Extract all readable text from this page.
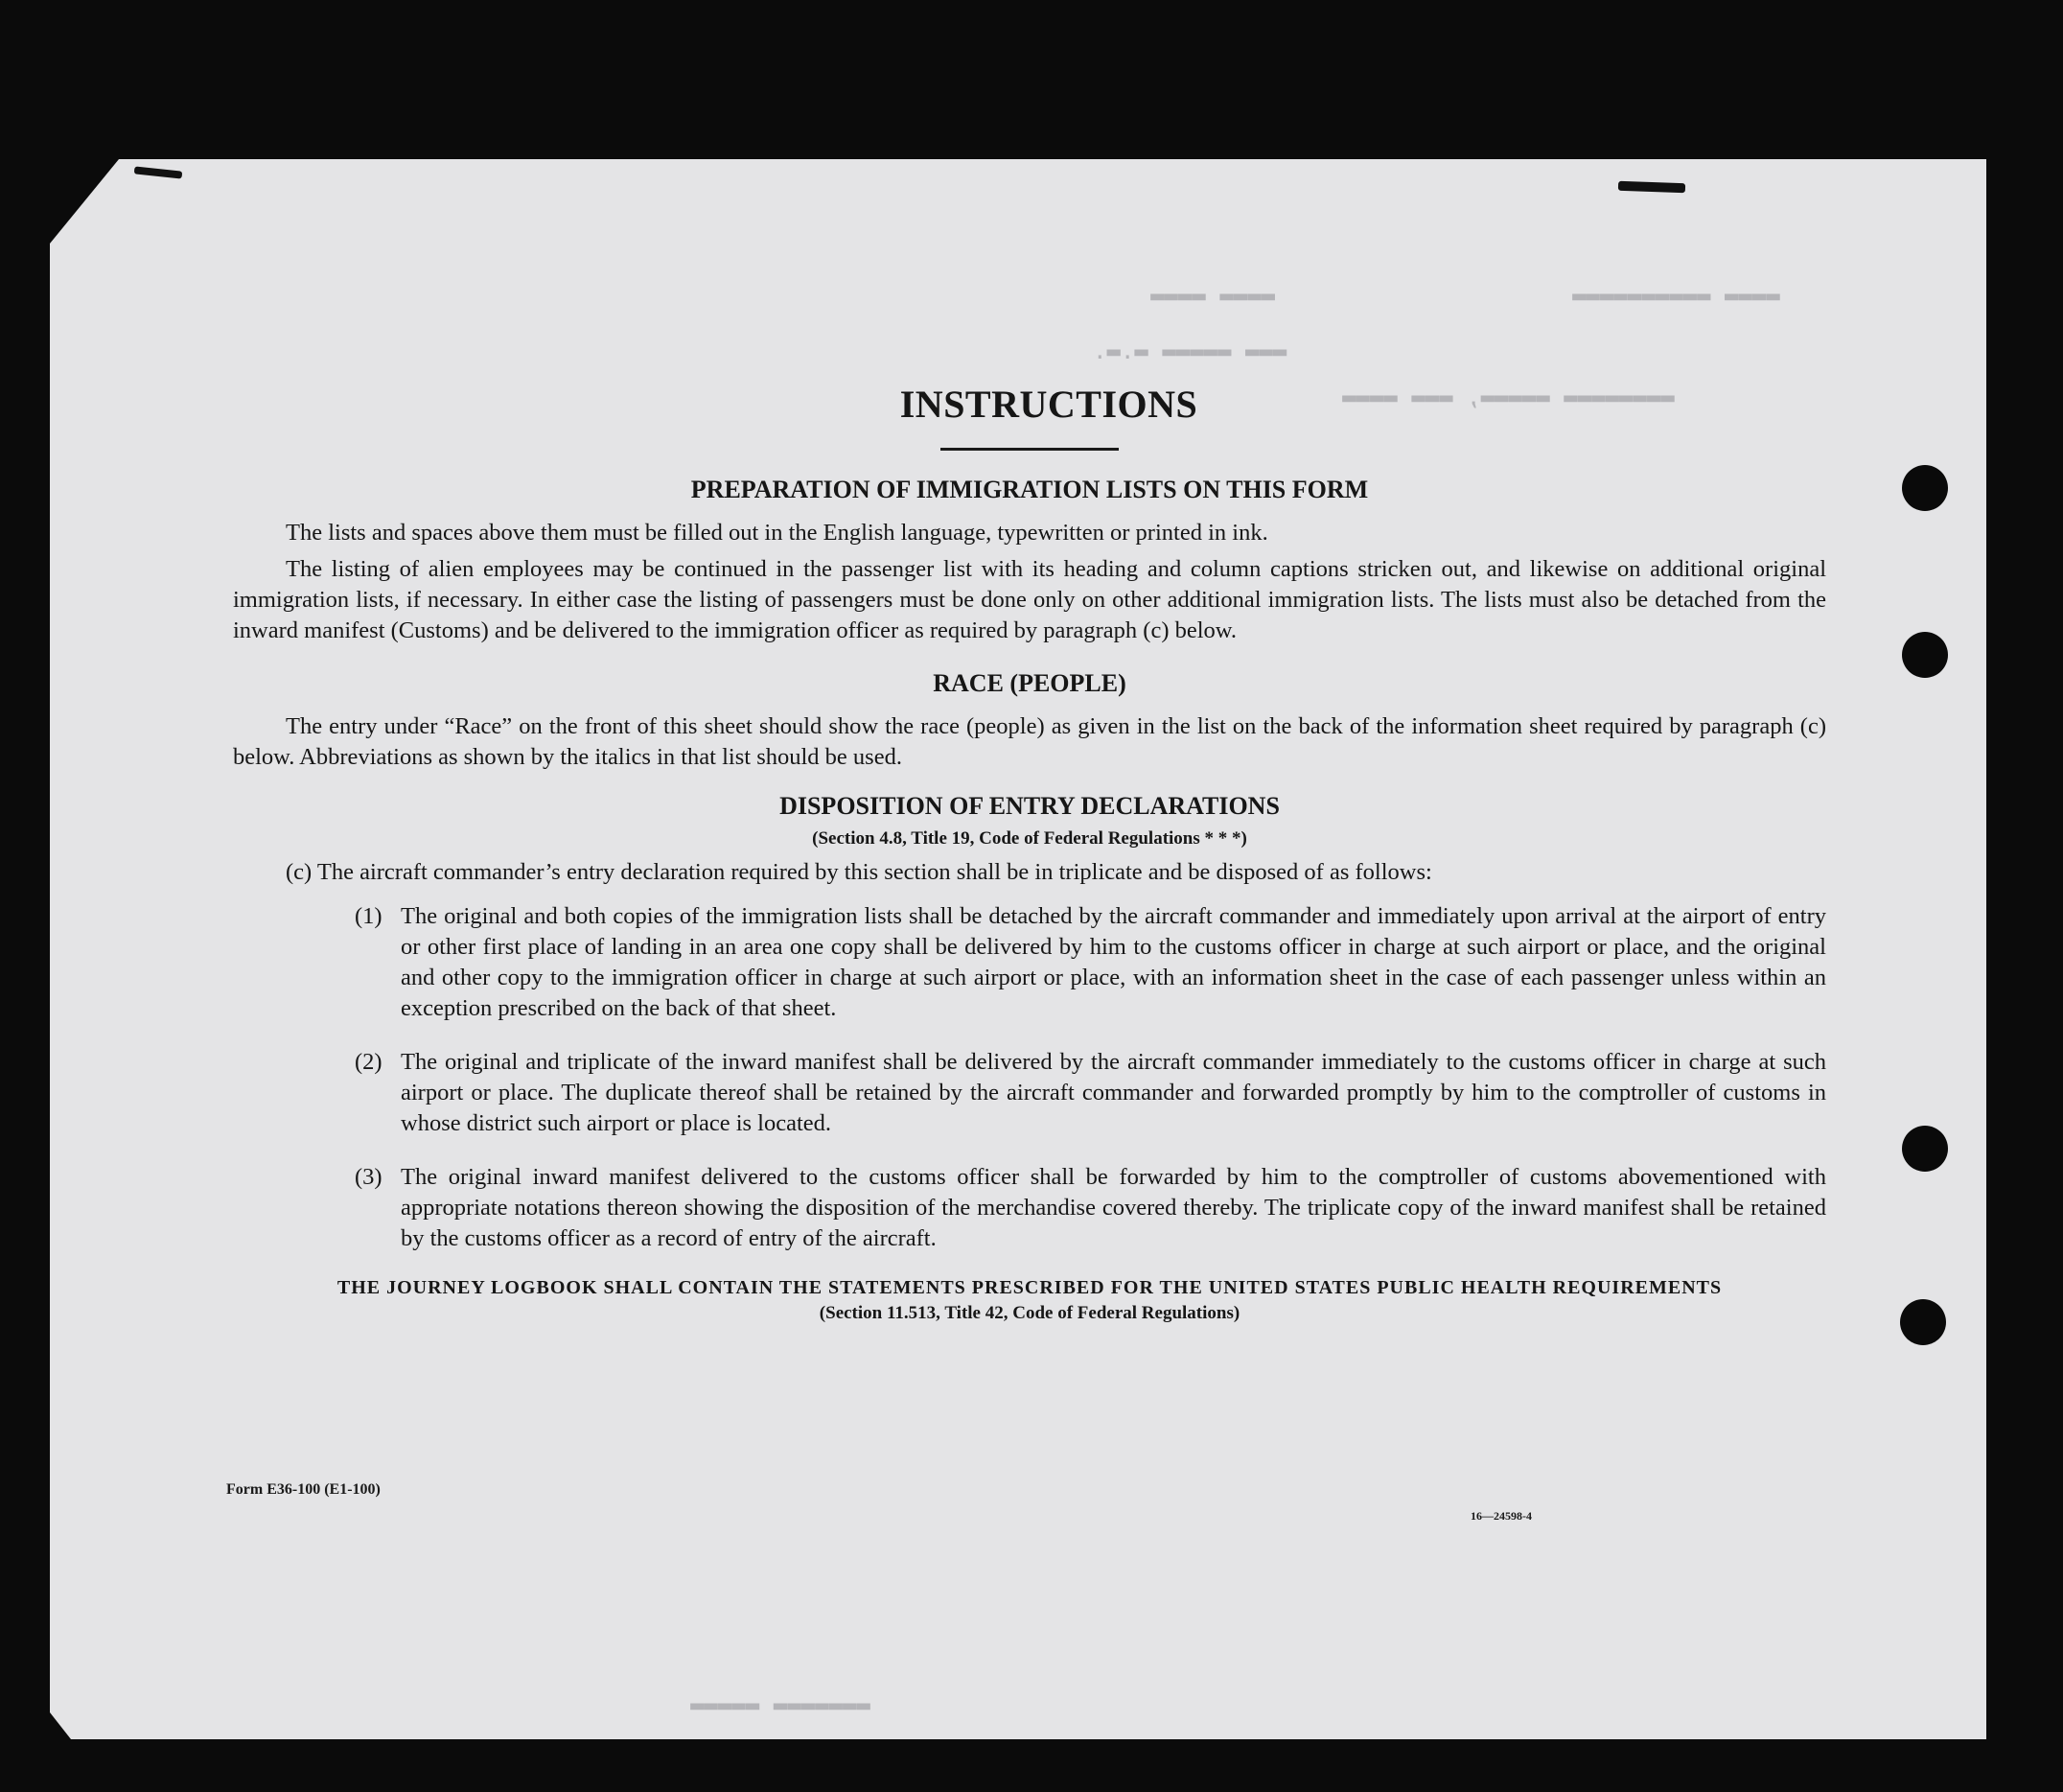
▬▬▬▬ ▬▬▬▬▬▬▬▬▬▬
▬▬▬▬ ▬▬▬▬
▬▬▬ ▬▬▬▬▬ ▬.▬.
▬▬▬▬▬▬▬▬ ▬▬▬▬▬, ▬▬▬ ▬▬▬▬
▬▬▬▬▬▬▬ ▬▬▬▬▬
INSTRUCTIONS
PREPARATION OF IMMIGRATION LISTS ON THIS FORM

The lists and spaces above them must be filled out in the English language, typewritten or printed in ink.

The listing of alien employees may be continued in the passenger list with its heading and column captions stricken out, and likewise on additional original immigration lists, if necessary. In either case the listing of passengers must be done only on other additional immigration lists. The lists must also be detached from the inward manifest (Customs) and be delivered to the immigration officer as required by paragraph (c) below.

RACE (PEOPLE)

The entry under “Race” on the front of this sheet should show the race (people) as given in the list on the back of the information sheet required by paragraph (c) below. Abbreviations as shown by the italics in that list should be used.

DISPOSITION OF ENTRY DECLARATIONS
(Section 4.8, Title 19, Code of Federal Regulations * * *)

(c) The aircraft commander’s entry declaration required by this section shall be in triplicate and be disposed of as follows:

(1) The original and both copies of the immigration lists shall be detached by the aircraft commander and immediately upon arrival at the airport of entry or other first place of landing in an area one copy shall be delivered by him to the customs officer in charge at such airport or place, and the original and other copy to the immigration officer in charge at such airport or place, with an information sheet in the case of each passenger unless within an exception prescribed on the back of that sheet.
(2) The original and triplicate of the inward manifest shall be delivered by the aircraft commander immediately to the customs officer in charge at such airport or place. The duplicate thereof shall be retained by the aircraft commander and forwarded promptly by him to the comptroller of customs in whose district such airport or place is located.
(3) The original inward manifest delivered to the customs officer shall be forwarded by him to the comptroller of customs abovementioned with appropriate notations thereon showing the disposition of the merchandise covered thereby. The triplicate copy of the inward manifest shall be retained by the customs officer as a record of entry of the aircraft.
THE JOURNEY LOGBOOK SHALL CONTAIN THE STATEMENTS PRESCRIBED FOR THE UNITED STATES PUBLIC HEALTH REQUIREMENTS
(Section 11.513, Title 42, Code of Federal Regulations)
Form E36-100 (E1-100)
16—24598-4
